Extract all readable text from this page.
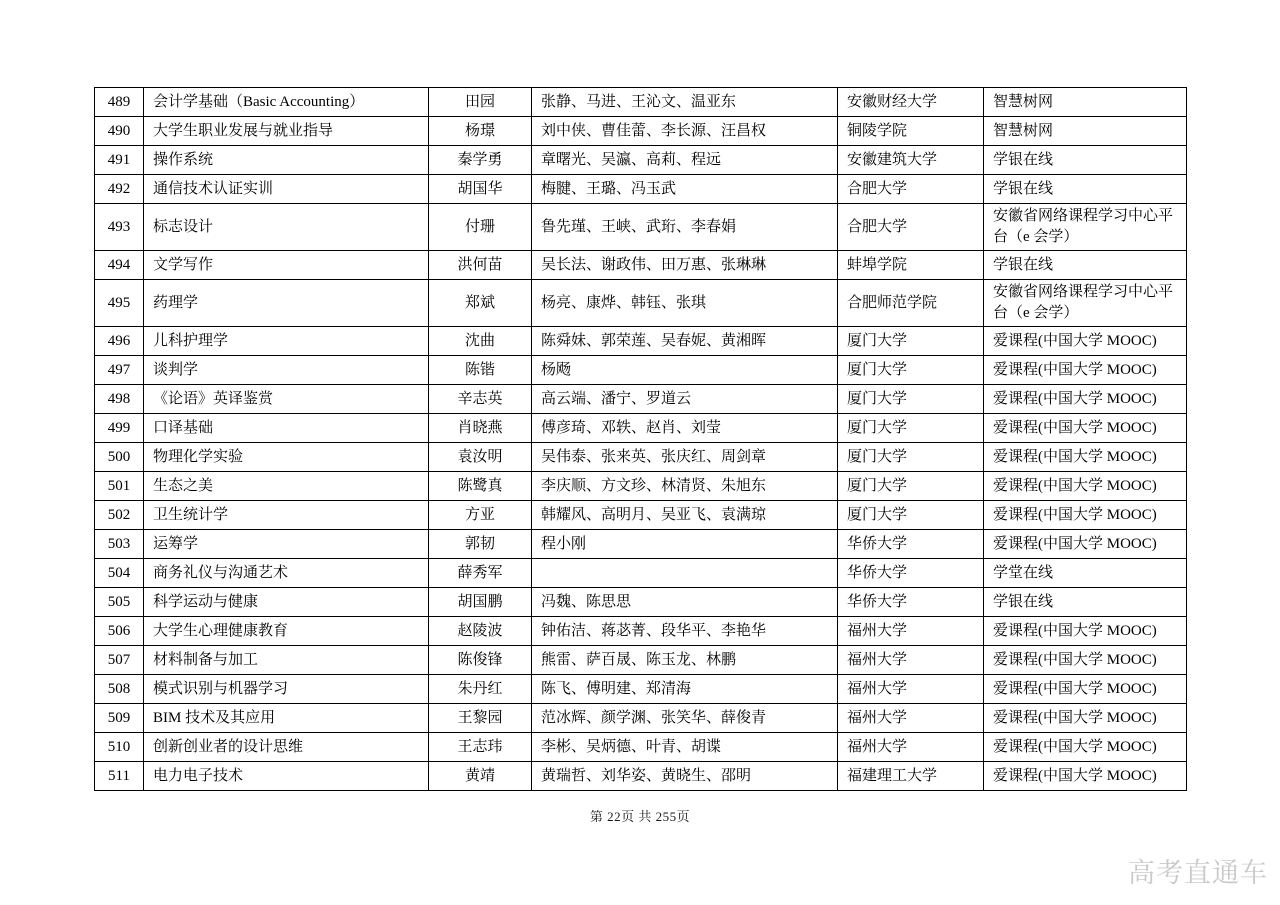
489	会计学基础（Basic Accounting）	田园	张静、马进、王沁文、温亚东	安徽财经大学	智慧树网
490	大学生职业发展与就业指导	杨璟	刘中侠、曹佳蕾、李长源、汪昌权	铜陵学院	智慧树网
491	操作系统	秦学勇	章曙光、吴瀛、高莉、程远	安徽建筑大学	学银在线
492	通信技术认证实训	胡国华	梅腱、王璐、冯玉武	合肥大学	学银在线
493	标志设计	付珊	鲁先瑾、王峡、武珩、李春娟	合肥大学	安徽省网络课程学习中心平台（e 会学）
494	文学写作	洪何苗	吴长法、谢政伟、田万惠、张琳琳	蚌埠学院	学银在线
495	药理学	郑斌	杨亮、康烨、韩钰、张琪	合肥师范学院	安徽省网络课程学习中心平台（e 会学）
496	儿科护理学	沈曲	陈舜妹、郭荣莲、吴春妮、黄湘晖	厦门大学	爱课程(中国大学 MOOC)
497	谈判学	陈锴	杨飏	厦门大学	爱课程(中国大学 MOOC)
498	《论语》英译鉴赏	辛志英	高云端、潘宁、罗道云	厦门大学	爱课程(中国大学 MOOC)
499	口译基础	肖晓燕	傅彦琦、邓轶、赵肖、刘莹	厦门大学	爱课程(中国大学 MOOC)
500	物理化学实验	袁汝明	吴伟泰、张来英、张庆红、周剑章	厦门大学	爱课程(中国大学 MOOC)
501	生态之美	陈鹭真	李庆顺、方文珍、林清贤、朱旭东	厦门大学	爱课程(中国大学 MOOC)
502	卫生统计学	方亚	韩耀风、高明月、吴亚飞、袁满琼	厦门大学	爱课程(中国大学 MOOC)
503	运筹学	郭韧	程小刚	华侨大学	爱课程(中国大学 MOOC)
504	商务礼仪与沟通艺术	薛秀军		华侨大学	学堂在线
505	科学运动与健康	胡国鹏	冯魏、陈思思	华侨大学	学银在线
506	大学生心理健康教育	赵陵波	钟佑洁、蒋苾菁、段华平、李艳华	福州大学	爱课程(中国大学 MOOC)
507	材料制备与加工	陈俊锋	熊雷、萨百晟、陈玉龙、林鹏	福州大学	爱课程(中国大学 MOOC)
508	模式识别与机器学习	朱丹红	陈飞、傅明建、郑清海	福州大学	爱课程(中国大学 MOOC)
509	BIM 技术及其应用	王黎园	范冰辉、颜学渊、张笑华、薛俊青	福州大学	爱课程(中国大学 MOOC)
510	创新创业者的设计思维	王志玮	李彬、吴炳德、叶青、胡谍	福州大学	爱课程(中国大学 MOOC)
511	电力电子技术	黄靖	黄瑞哲、刘华姿、黄晓生、邵明	福建理工大学	爱课程(中国大学 MOOC)
第 22页 共 255页
高考直通车
